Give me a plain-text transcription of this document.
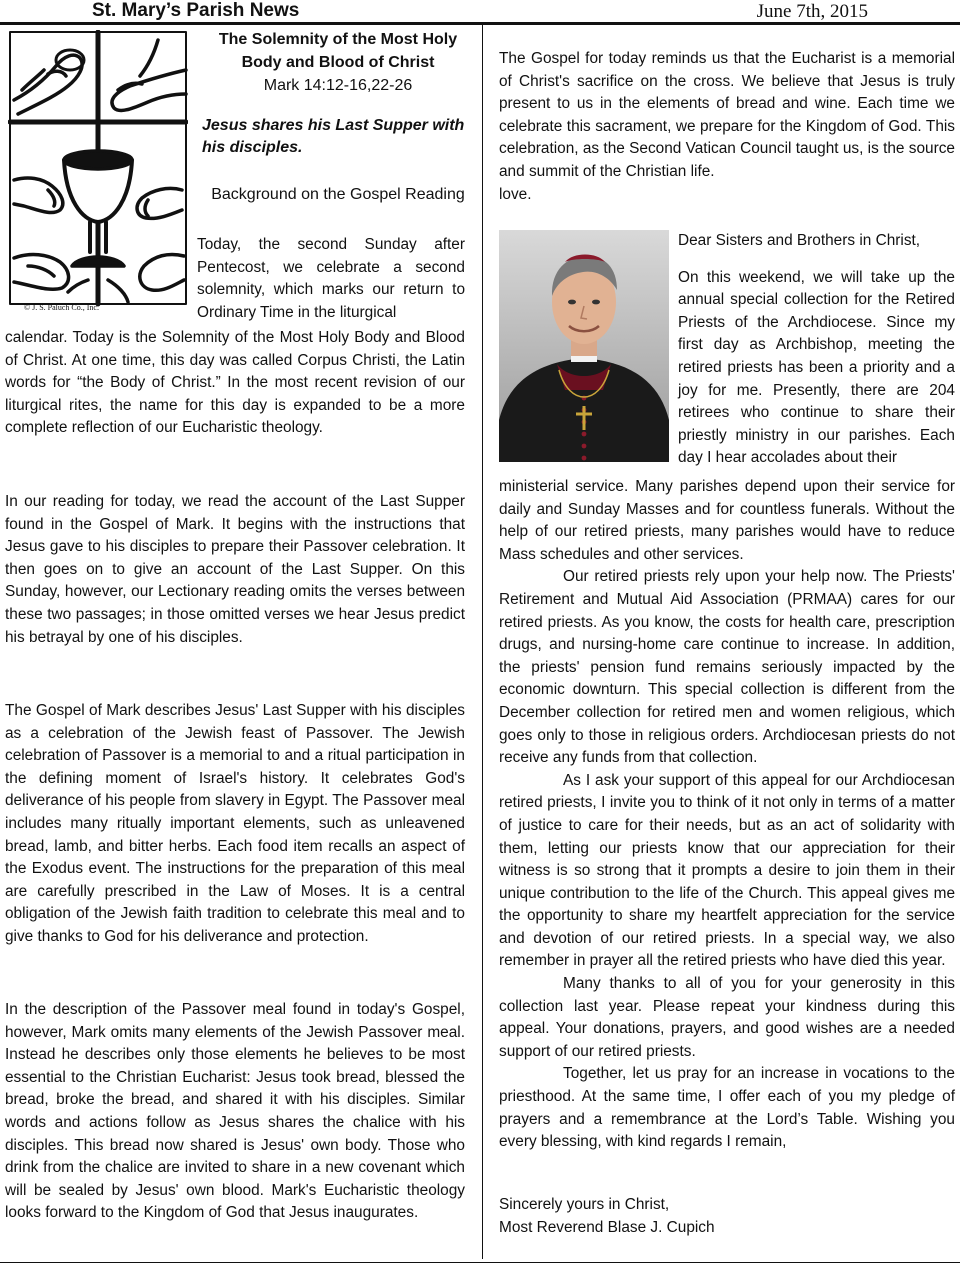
St. Mary’s Parish News	June 7th, 2015
© J. S. Paluch Co., Inc.
The Solemnity of the Most Holy
Body and Blood of Christ
Mark 14:12-16,22-26
Jesus shares his Last Supper with his disciples.
Background on the Gospel Reading
Today, the second Sunday after Pentecost, we celebrate a second solemnity, which marks our return to Ordinary Time in the liturgical
calendar. Today is the Solemnity of the Most Holy Body and Blood of Christ. At one time, this day was called Corpus Christi, the Latin words for “the Body of Christ.” In the most recent revision of our liturgical rites, the name for this day is expanded to be a more complete reflection of our Eucharistic theology.
In our reading for today, we read the account of the Last Supper found in the Gospel of Mark. It begins with the instructions that Jesus gave to his disciples to prepare their Passover celebration. It then goes on to give an account of the Last Supper. On this Sunday, however, our Lectionary reading omits the verses between these two passages; in those omitted verses we hear Jesus predict his betrayal by one of his disciples.
The Gospel of Mark describes Jesus' Last Supper with his disciples as a celebration of the Jewish feast of Passover. The Jewish celebration of Passover is a memorial to and a ritual participation in the defining moment of Israel's history. It celebrates God's deliverance of his people from slavery in Egypt. The Passover meal includes many ritually important elements, such as unleavened bread, lamb, and bitter herbs. Each food item recalls an aspect of the Exodus event. The instructions for the preparation of this meal are carefully prescribed in the Law of Moses. It is a central obligation of the Jewish faith tradition to celebrate this meal and to give thanks to God for his deliverance and protection.
In the description of the Passover meal found in today's Gospel, however, Mark omits many elements of the Jewish Passover meal. Instead he describes only those elements he believes to be most essential to the Christian Eucharist: Jesus took bread, blessed the bread, broke the bread, and shared it with his disciples. Similar words and actions follow as Jesus shares the chalice with his disciples. This bread now shared is Jesus' own body. Those who drink from the chalice are invited to share in a new covenant which will be sealed by Jesus' own blood. Mark's Eucharistic theology looks forward to the Kingdom of God that Jesus inaugurates.
The Gospel for today reminds us that the Eucharist is a memorial of Christ's sacrifice on the cross. We believe that Jesus is truly present to us in the elements of bread and wine. Each time we celebrate this sacrament, we prepare for the Kingdom of God. This celebration, as the Second Vatican Council taught us, is the source and summit of the Christian life.
love.
Dear Sisters and Brothers in Christ,
On this weekend, we will take up the annual special collection for the Retired Priests of the Archdiocese. Since my first day as Archbishop, meeting the retired priests has been a priority and a joy for me. Presently, there are 204 retirees who continue to share their priestly ministry in our parishes. Each day I hear accolades about their
ministerial service. Many parishes depend upon their service for daily and Sunday Masses and for countless funerals. Without the help of our retired priests, many parishes would have to reduce Mass schedules and other services.
Our retired priests rely upon your help now. The Priests' Retirement and Mutual Aid Association (PRMAA) cares for our retired priests. As you know, the costs for health care, prescription drugs, and nursing-home care continue to increase. In addition, the priests' pension fund remains seriously impacted by the economic downturn. This special collection is different from the December collection for retired men and women religious, which goes only to those in religious orders. Archdiocesan priests do not receive any funds from that collection.
As I ask your support of this appeal for our Archdiocesan retired priests, I invite you to think of it not only in terms of a matter of justice to care for their needs, but as an act of solidarity with them, letting our priests know that our appreciation for their witness is so strong that it prompts a desire to join them in their unique contribution to the life of the Church. This appeal gives me the opportunity to share my heartfelt appreciation for the service and devotion of our retired priests. In a special way, we also remember in prayer all the retired priests who have died this year.
Many thanks to all of you for your generosity in this collection last year. Please repeat your kindness during this appeal. Your donations, prayers, and good wishes are a needed support of our retired priests.
Together, let us pray for an increase in vocations to the priesthood. At the same time, I offer each of you my pledge of prayers and a remembrance at the Lord’s Table. Wishing you every blessing, with kind regards I remain,
Sincerely yours in Christ,
Most Reverend Blase J. Cupich
